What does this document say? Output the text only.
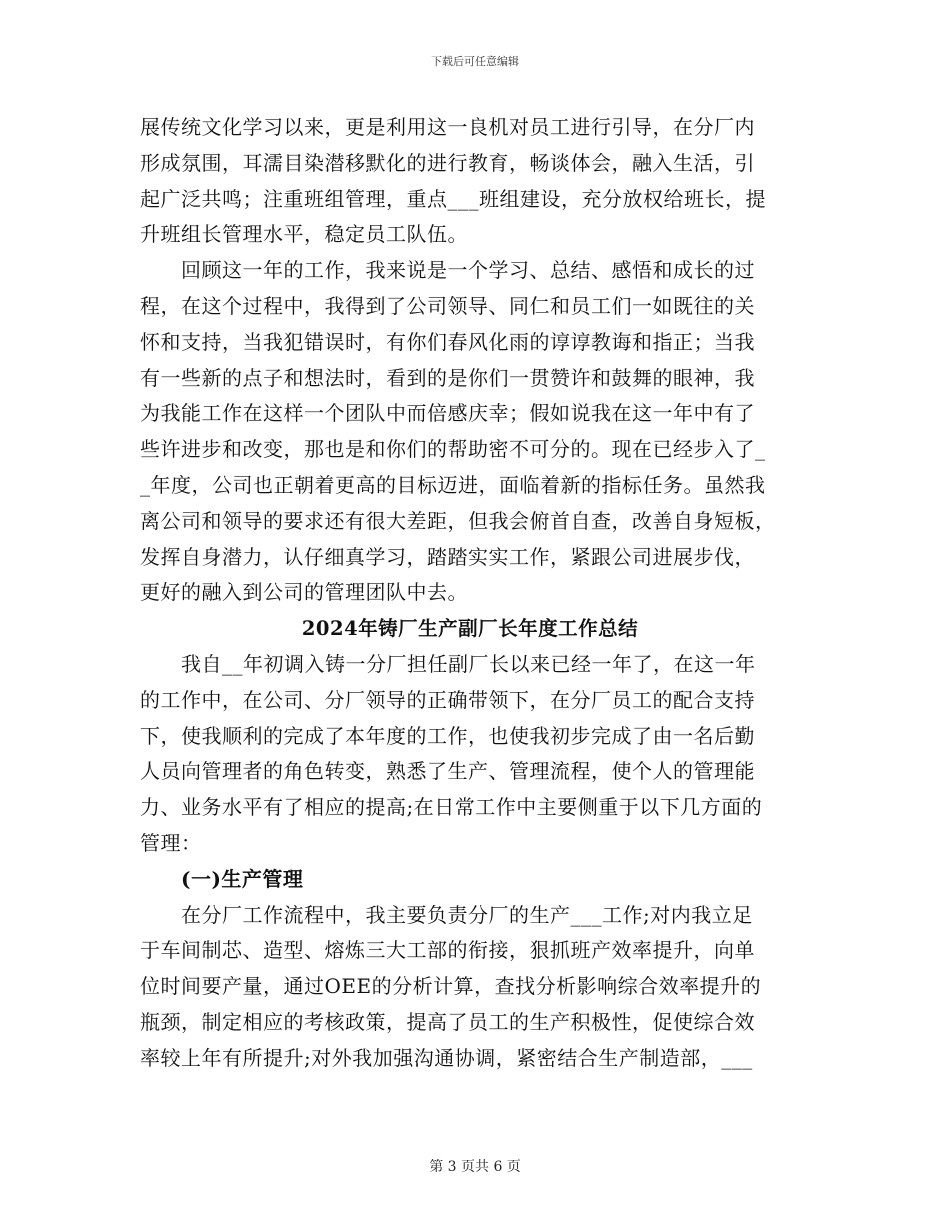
下载后可任意编辑
展传统文化学习以来，更是利用这一良机对员工进行引导，在分厂内
形成氛围，耳濡目染潜移默化的进行教育，畅谈体会，融入生活，引
起广泛共鸣；注重班组管理，重点___班组建设，充分放权给班长，提
升班组长管理水平，稳定员工队伍。
　　回顾这一年的工作，我来说是一个学习、总结、感悟和成长的过
程，在这个过程中，我得到了公司领导、同仁和员工们一如既往的关
怀和支持，当我犯错误时，有你们春风化雨的谆谆教诲和指正；当我
有一些新的点子和想法时，看到的是你们一贯赞许和鼓舞的眼神，我
为我能工作在这样一个团队中而倍感庆幸；假如说我在这一年中有了
些许进步和改变，那也是和你们的帮助密不可分的。现在已经步入了_
_年度，公司也正朝着更高的目标迈进，面临着新的指标任务。虽然我
离公司和领导的要求还有很大差距，但我会俯首自查，改善自身短板，
发挥自身潜力，认仔细真学习，踏踏实实工作，紧跟公司进展步伐，
更好的融入到公司的管理团队中去。
2024年铸厂生产副厂长年度工作总结
　　我自__年初调入铸一分厂担任副厂长以来已经一年了，在这一年
的工作中，在公司、分厂领导的正确带领下，在分厂员工的配合支持
下，使我顺利的完成了本年度的工作，也使我初步完成了由一名后勤
人员向管理者的角色转变，熟悉了生产、管理流程，使个人的管理能
力、业务水平有了相应的提高;在日常工作中主要侧重于以下几方面的
管理：
　　(一)生产管理
　　在分厂工作流程中，我主要负责分厂的生产___工作;对内我立足
于车间制芯、造型、熔炼三大工部的衔接，狠抓班产效率提升，向单
位时间要产量，通过OEE的分析计算，查找分析影响综合效率提升的
瓶颈，制定相应的考核政策，提高了员工的生产积极性，促使综合效
率较上年有所提升;对外我加强沟通协调，紧密结合生产制造部，___
第 3 页共 6 页
